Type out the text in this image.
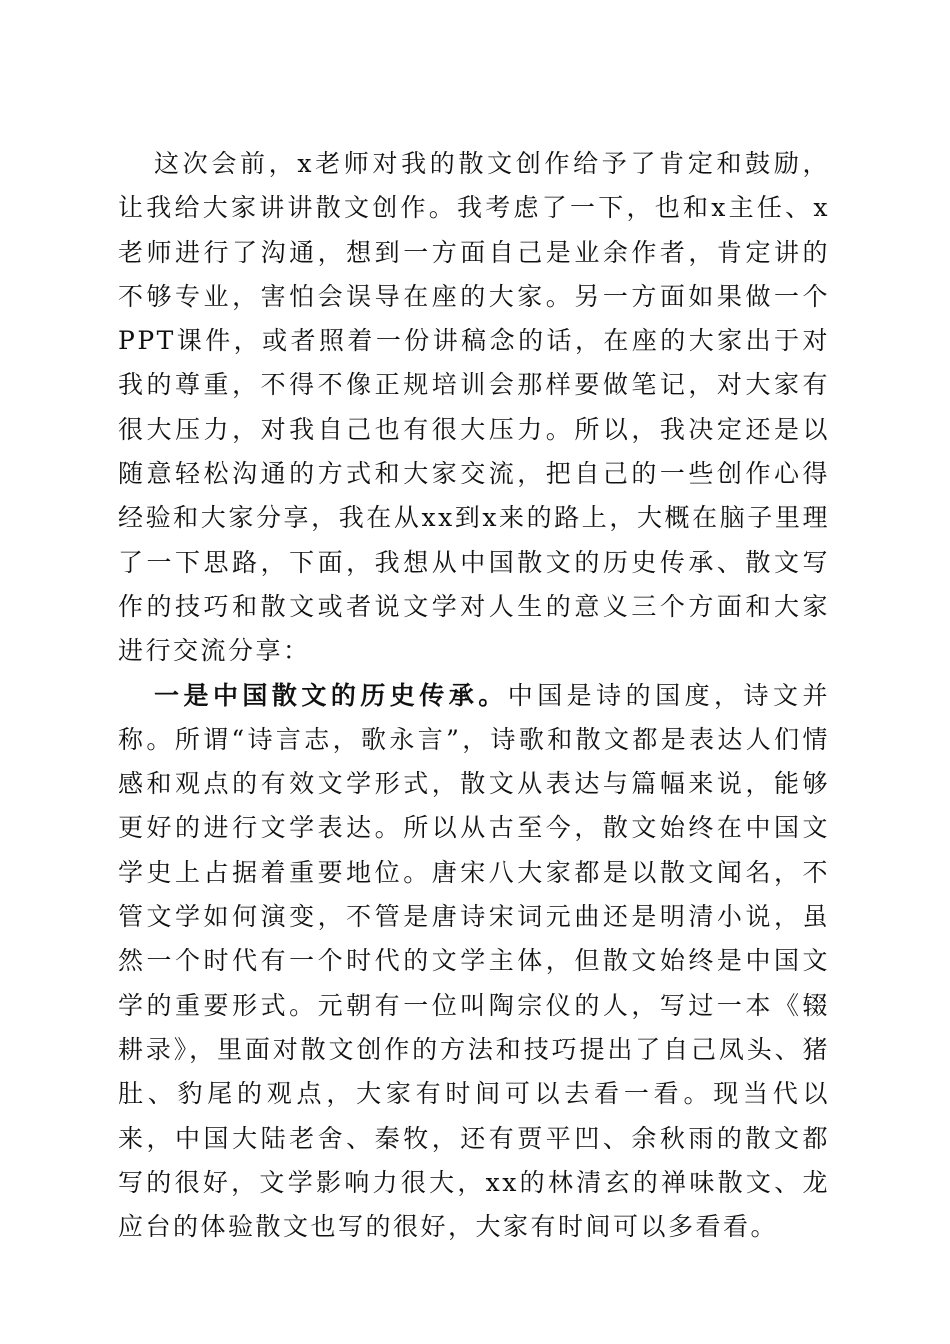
这次会前，x老师对我的散文创作给予了肯定和鼓励，让我给大家讲讲散文创作。我考虑了一下，也和x主任、x老师进行了沟通，想到一方面自己是业余作者，肯定讲的不够专业，害怕会误导在座的大家。另一方面如果做一个PPT课件，或者照着一份讲稿念的话，在座的大家出于对我的尊重，不得不像正规培训会那样要做笔记，对大家有很大压力，对我自己也有很大压力。所以，我决定还是以随意轻松沟通的方式和大家交流，把自己的一些创作心得经验和大家分享，我在从xx到x来的路上，大概在脑子里理了一下思路，下面，我想从中国散文的历史传承、散文写作的技巧和散文或者说文学对人生的意义三个方面和大家进行交流分享：

一是中国散文的历史传承。中国是诗的国度，诗文并称。所谓“诗言志，歌永言”，诗歌和散文都是表达人们情感和观点的有效文学形式，散文从表达与篇幅来说，能够更好的进行文学表达。所以从古至今，散文始终在中国文学史上占据着重要地位。唐宋八大家都是以散文闻名，不管文学如何演变，不管是唐诗宋词元曲还是明清小说，虽然一个时代有一个时代的文学主体，但散文始终是中国文学的重要形式。元朝有一位叫陶宗仪的人，写过一本《辍耕录》，里面对散文创作的方法和技巧提出了自己凤头、猪肚、豹尾的观点，大家有时间可以去看一看。现当代以来，中国大陆老舍、秦牧，还有贾平凹、余秋雨的散文都写的很好，文学影响力很大，xx的林清玄的禅味散文、龙应台的体验散文也写的很好，大家有时间可以多看看。
